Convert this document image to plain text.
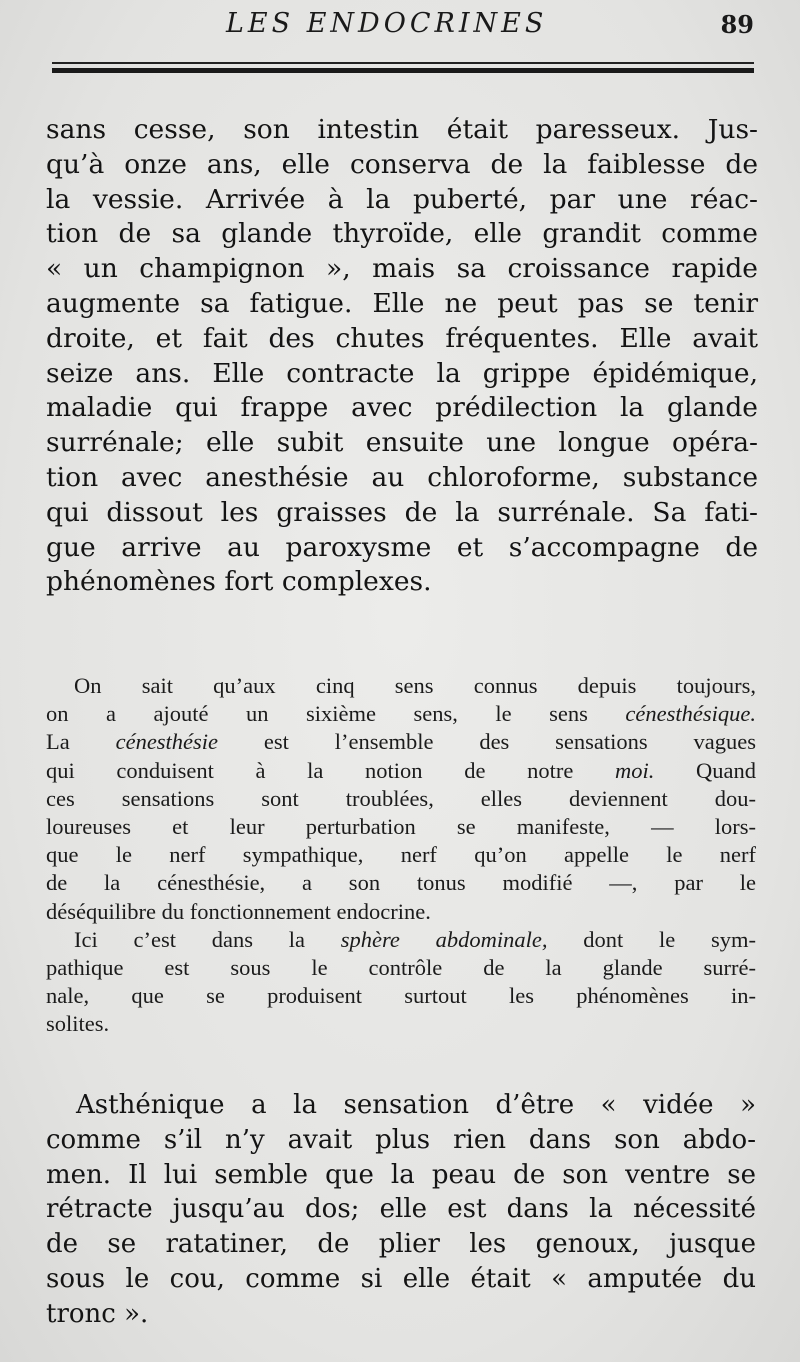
LES ENDOCRINES	89

sans cesse, son intestin était paresseux. Jus-
qu’à onze ans, elle conserva de la faiblesse de
la vessie. Arrivée à la puberté, par une réac-
tion de sa glande thyroïde, elle grandit comme
« un champignon », mais sa croissance rapide
augmente sa fatigue. Elle ne peut pas se tenir
droite, et fait des chutes fréquentes. Elle avait
seize ans. Elle contracte la grippe épidémique,
maladie qui frappe avec prédilection la glande
surrénale; elle subit ensuite une longue opéra-
tion avec anesthésie au chloroforme, substance
qui dissout les graisses de la surrénale. Sa fati-
gue arrive au paroxysme et s’accompagne de
phénomènes fort complexes.

On sait qu’aux cinq sens connus depuis toujours,
on a ajouté un sixième sens, le sens cénesthésique.
La cénesthésie est l’ensemble des sensations vagues
qui conduisent à la notion de notre moi. Quand
ces sensations sont troublées, elles deviennent dou-
loureuses et leur perturbation se manifeste, — lors-
que le nerf sympathique, nerf qu’on appelle le nerf
de la cénesthésie, a son tonus modifié —, par le
déséquilibre du fonctionnement endocrine.
Ici c’est dans la sphère abdominale, dont le sym-
pathique est sous le contrôle de la glande surré-
nale, que se produisent surtout les phénomènes in-
solites.

Asthénique a la sensation d’être « vidée »
comme s’il n’y avait plus rien dans son abdo-
men. Il lui semble que la peau de son ventre se
rétracte jusqu’au dos; elle est dans la nécessité
de se ratatiner, de plier les genoux, jusque
sous le cou, comme si elle était « amputée du
tronc ».
